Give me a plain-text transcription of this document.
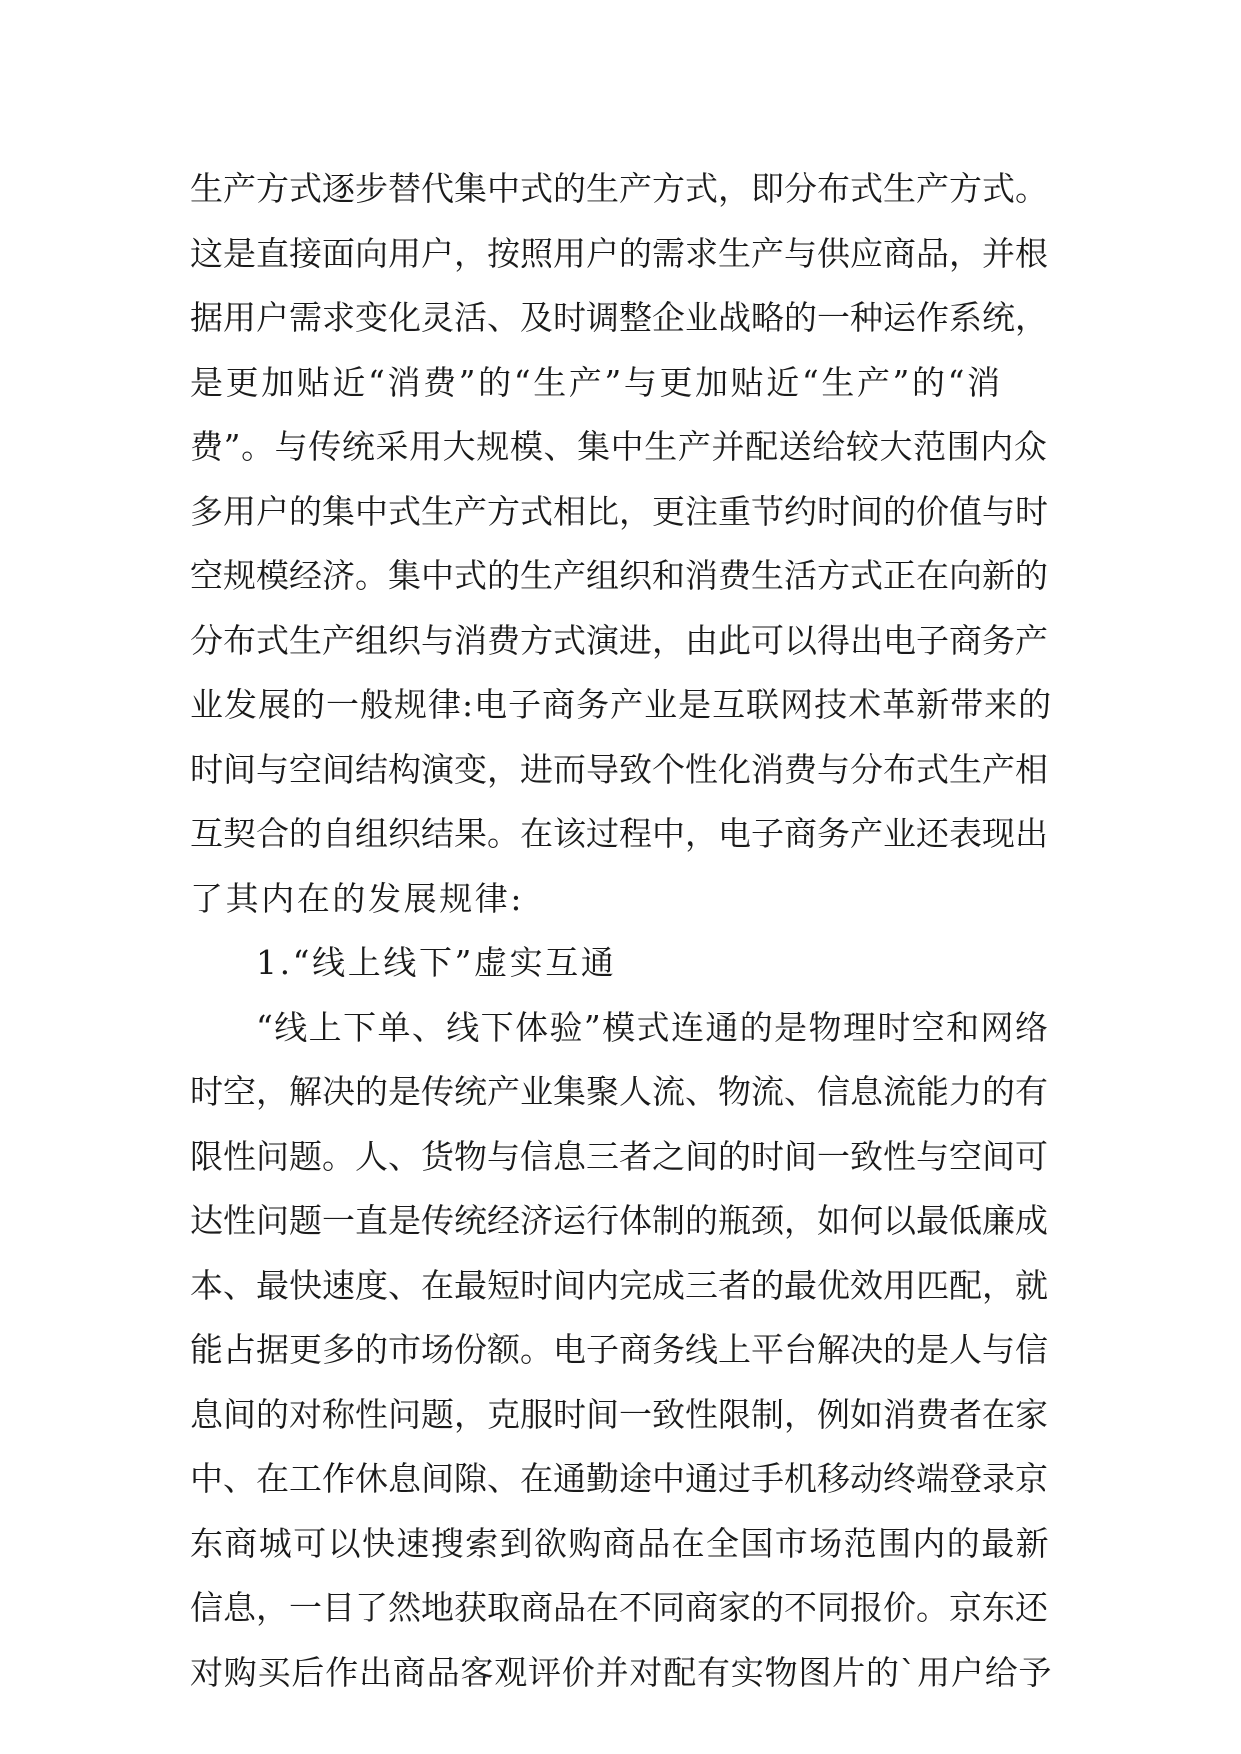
生产方式逐步替代集中式的生产方式，即分布式生产方式。
这是直接面向用户，按照用户的需求生产与供应商品，并根
据用户需求变化灵活、及时调整企业战略的一种运作系统，
是更加贴近“消费”的“生产”与更加贴近“生产”的“消
费”。与传统采用大规模、集中生产并配送给较大范围内众
多用户的集中式生产方式相比，更注重节约时间的价值与时
空规模经济。集中式的生产组织和消费生活方式正在向新的
分布式生产组织与消费方式演进，由此可以得出电子商务产
业发展的一般规律:电子商务产业是互联网技术革新带来的
时间与空间结构演变，进而导致个性化消费与分布式生产相
互契合的自组织结果。在该过程中，电子商务产业还表现出
了其内在的发展规律:
1.“线上线下”虚实互通
“线上下单、线下体验”模式连通的是物理时空和网络
时空，解决的是传统产业集聚人流、物流、信息流能力的有
限性问题。人、货物与信息三者之间的时间一致性与空间可
达性问题一直是传统经济运行体制的瓶颈，如何以最低廉成
本、最快速度、在最短时间内完成三者的最优效用匹配，就
能占据更多的市场份额。电子商务线上平台解决的是人与信
息间的对称性问题，克服时间一致性限制，例如消费者在家
中、在工作休息间隙、在通勤途中通过手机移动终端登录京
东商城可以快速搜索到欲购商品在全国市场范围内的最新
信息，一目了然地获取商品在不同商家的不同报价。京东还
对购买后作出商品客观评价并对配有实物图片的`用户给予
